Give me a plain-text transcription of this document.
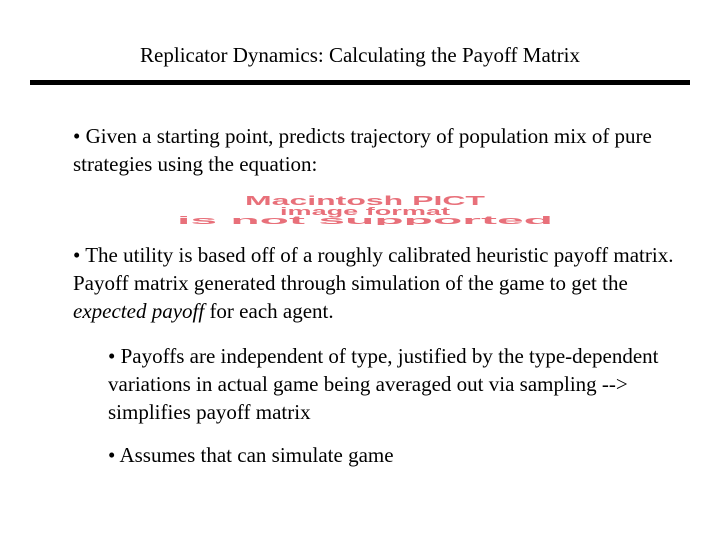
Replicator Dynamics: Calculating the Payoff Matrix

• Given a starting point, predicts trajectory of population mix of pure strategies using the equation:

Macintosh PICT
image format
is not supported

• The utility is based off of a roughly calibrated heuristic payoff matrix. Payoff matrix generated through simulation of the game to get the expected payoff for each agent.

• Payoffs are independent of type, justified by the type-dependent variations in actual game being averaged out via sampling --> simplifies payoff matrix

• Assumes that can simulate game
